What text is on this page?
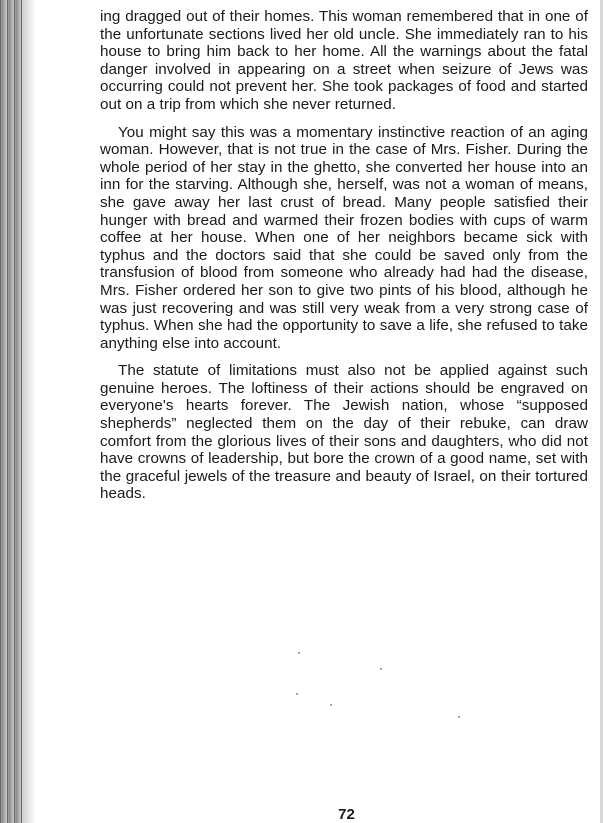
ing dragged out of their homes. This woman remembered that in one of the unfortunate sections lived her old uncle. She immediately ran to his house to bring him back to her home. All the warnings about the fatal danger involved in appearing on a street when seizure of Jews was occurring could not prevent her. She took packages of food and started out on a trip from which she never returned.

You might say this was a momentary instinctive reaction of an aging woman. However, that is not true in the case of Mrs. Fisher. During the whole period of her stay in the ghetto, she converted her house into an inn for the starving. Although she, herself, was not a woman of means, she gave away her last crust of bread. Many people satisfied their hunger with bread and warmed their frozen bodies with cups of warm coffee at her house. When one of her neighbors became sick with typhus and the doctors said that she could be saved only from the transfusion of blood from someone who already had had the disease, Mrs. Fisher ordered her son to give two pints of his blood, although he was just recovering and was still very weak from a very strong case of typhus. When she had the opportunity to save a life, she refused to take anything else into account.

The statute of limitations must also not be applied against such genuine heroes. The loftiness of their actions should be engraved on everyone's hearts forever. The Jewish nation, whose “supposed shepherds” neglected them on the day of their rebuke, can draw comfort from the glorious lives of their sons and daughters, who did not have crowns of leadership, but bore the crown of a good name, set with the graceful jewels of the treasure and beauty of Israel, on their tortured heads.

72
